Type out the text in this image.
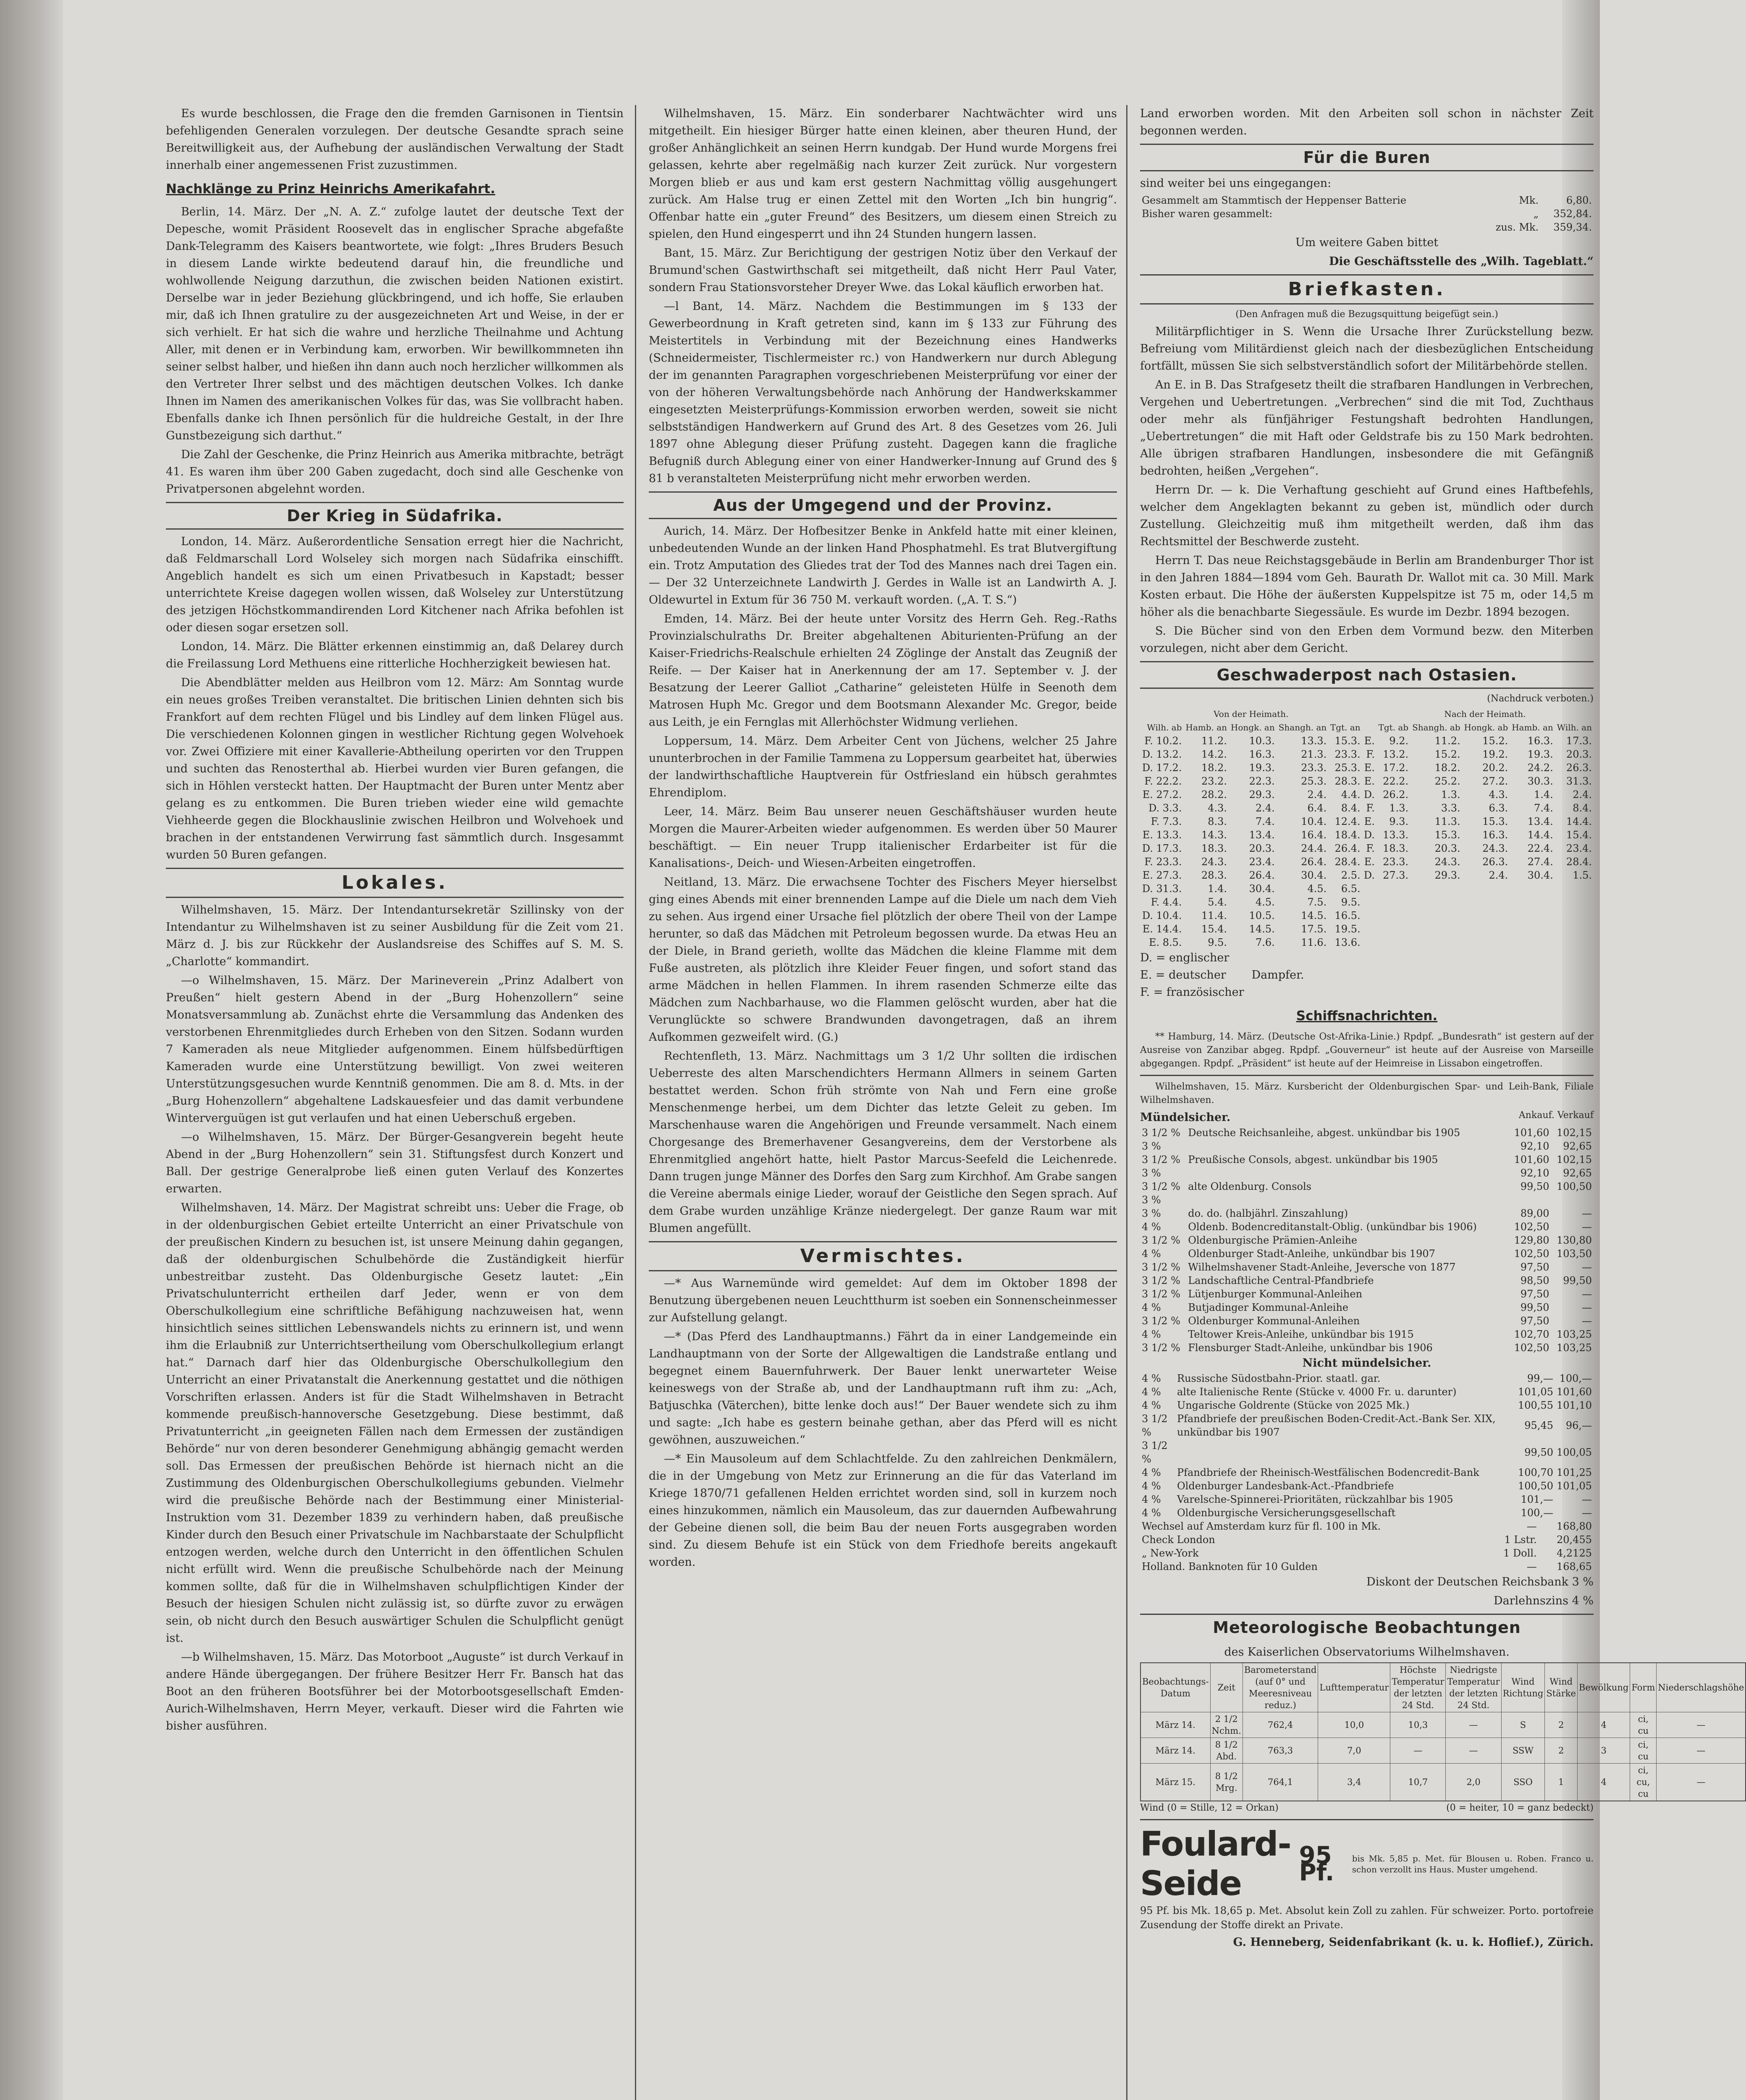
Es wurde beschlossen, die Frage den die fremden Garnisonen in Tientsin befehligenden Generalen vorzulegen. Der deutsche Gesandte sprach seine Bereitwilligkeit aus, der Aufhebung der ausländischen Verwaltung der Stadt innerhalb einer angemessenen Frist zuzustimmen.

Nachklänge zu Prinz Heinrichs Amerikafahrt.

Berlin, 14. März. Der „N. A. Z.“ zufolge lautet der deutsche Text der Depesche, womit Präsident Roosevelt das in englischer Sprache abgefaßte Dank-Telegramm des Kaisers beantwortete, wie folgt: „Ihres Bruders Besuch in diesem Lande wirkte bedeutend darauf hin, die freundliche und wohlwollende Neigung darzuthun, die zwischen beiden Nationen existirt. Derselbe war in jeder Beziehung glückbringend, und ich hoffe, Sie erlauben mir, daß ich Ihnen gratulire zu der ausgezeichneten Art und Weise, in der er sich verhielt. Er hat sich die wahre und herzliche Theilnahme und Achtung Aller, mit denen er in Verbindung kam, erworben. Wir bewillkommneten ihn seiner selbst halber, und hießen ihn dann auch noch herzlicher willkommen als den Vertreter Ihrer selbst und des mächtigen deutschen Volkes. Ich danke Ihnen im Namen des amerikanischen Volkes für das, was Sie vollbracht haben. Ebenfalls danke ich Ihnen persönlich für die huldreiche Gestalt, in der Ihre Gunstbezeigung sich darthut.“

Die Zahl der Geschenke, die Prinz Heinrich aus Amerika mitbrachte, beträgt 41. Es waren ihm über 200 Gaben zugedacht, doch sind alle Geschenke von Privatpersonen abgelehnt worden.

Der Krieg in Südafrika.

London, 14. März. Außerordentliche Sensation erregt hier die Nachricht, daß Feldmarschall Lord Wolseley sich morgen nach Südafrika einschifft. Angeblich handelt es sich um einen Privatbesuch in Kapstadt; besser unterrichtete Kreise dagegen wollen wissen, daß Wolseley zur Unterstützung des jetzigen Höchstkommandirenden Lord Kitchener nach Afrika befohlen ist oder diesen sogar ersetzen soll.

London, 14. März. Die Blätter erkennen einstimmig an, daß Delarey durch die Freilassung Lord Methuens eine ritterliche Hochherzigkeit bewiesen hat.

Die Abendblätter melden aus Heilbron vom 12. März: Am Sonntag wurde ein neues großes Treiben veranstaltet. Die britischen Linien dehnten sich bis Frankfort auf dem rechten Flügel und bis Lindley auf dem linken Flügel aus. Die verschiedenen Kolonnen gingen in westlicher Richtung gegen Wolvehoek vor. Zwei Offiziere mit einer Kavallerie-Abtheilung operirten vor den Truppen und suchten das Renosterthal ab. Hierbei wurden vier Buren gefangen, die sich in Höhlen versteckt hatten. Der Hauptmacht der Buren unter Mentz aber gelang es zu entkommen. Die Buren trieben wieder eine wild gemachte Viehheerde gegen die Blockhauslinie zwischen Heilbron und Wolvehoek und brachen in der entstandenen Verwirrung fast sämmtlich durch. Insgesammt wurden 50 Buren gefangen.

Lokales.

Wilhelmshaven, 15. März. Der Intendantursekretär Szillinsky von der Intendantur zu Wilhelmshaven ist zu seiner Ausbildung für die Zeit vom 21. März d. J. bis zur Rückkehr der Auslandsreise des Schiffes auf S. M. S. „Charlotte“ kommandirt.

—o Wilhelmshaven, 15. März. Der Marineverein „Prinz Adalbert von Preußen“ hielt gestern Abend in der „Burg Hohenzollern“ seine Monatsversammlung ab. Zunächst ehrte die Versammlung das Andenken des verstorbenen Ehrenmitgliedes durch Erheben von den Sitzen. Sodann wurden 7 Kameraden als neue Mitglieder aufgenommen. Einem hülfsbedürftigen Kameraden wurde eine Unterstützung bewilligt. Von zwei weiteren Unterstützungsgesuchen wurde Kenntniß genommen. Die am 8. d. Mts. in der „Burg Hohenzollern“ abgehaltene Ladskauesfeier und das damit verbundene Winterverguügen ist gut verlaufen und hat einen Ueberschuß ergeben.

—o Wilhelmshaven, 15. März. Der Bürger-Gesangverein begeht heute Abend in der „Burg Hohenzollern“ sein 31. Stiftungsfest durch Konzert und Ball. Der gestrige Generalprobe ließ einen guten Verlauf des Konzertes erwarten.

Wilhelmshaven, 14. März. Der Magistrat schreibt uns: Ueber die Frage, ob in der oldenburgischen Gebiet erteilte Unterricht an einer Privatschule von der preußischen Kindern zu besuchen ist, ist unsere Meinung dahin gegangen, daß der oldenburgischen Schulbehörde die Zuständigkeit hierfür unbestreitbar zusteht. Das Oldenburgische Gesetz lautet: „Ein Privatschulunterricht ertheilen darf Jeder, wenn er von dem Oberschulkollegium eine schriftliche Befähigung nachzuweisen hat, wenn hinsichtlich seines sittlichen Lebenswandels nichts zu erinnern ist, und wenn ihm die Erlaubniß zur Unterrichtsertheilung vom Oberschulkollegium erlangt hat.“ Darnach darf hier das Oldenburgische Oberschulkollegium den Unterricht an einer Privatanstalt die Anerkennung gestattet und die nöthigen Vorschriften erlassen. Anders ist für die Stadt Wilhelmshaven in Betracht kommende preußisch-hannoversche Gesetzgebung. Diese bestimmt, daß Privatunterricht „in geeigneten Fällen nach dem Ermessen der zuständigen Behörde“ nur von deren besonderer Genehmigung abhängig gemacht werden soll. Das Ermessen der preußischen Behörde ist hiernach nicht an die Zustimmung des Oldenburgischen Oberschulkollegiums gebunden. Vielmehr wird die preußische Behörde nach der Bestimmung einer Ministerial-Instruktion vom 31. Dezember 1839 zu verhindern haben, daß preußische Kinder durch den Besuch einer Privatschule im Nachbarstaate der Schulpflicht entzogen werden, welche durch den Unterricht in den öffentlichen Schulen nicht erfüllt wird. Wenn die preußische Schulbehörde nach der Meinung kommen sollte, daß für die in Wilhelmshaven schulpflichtigen Kinder der Besuch der hiesigen Schulen nicht zulässig ist, so dürfte zuvor zu erwägen sein, ob nicht durch den Besuch auswärtiger Schulen die Schulpflicht genügt ist.

—b Wilhelmshaven, 15. März. Das Motorboot „Auguste“ ist durch Verkauf in andere Hände übergegangen. Der frühere Besitzer Herr Fr. Bansch hat das Boot an den früheren Bootsführer bei der Motorbootsgesellschaft Emden-Aurich-Wilhelmshaven, Herrn Meyer, verkauft. Dieser wird die Fahrten wie bisher ausführen.

Wilhelmshaven, 15. März. Ein sonderbarer Nachtwächter wird uns mitgetheilt. Ein hiesiger Bürger hatte einen kleinen, aber theuren Hund, der großer Anhänglichkeit an seinen Herrn kundgab. Der Hund wurde Morgens frei gelassen, kehrte aber regelmäßig nach kurzer Zeit zurück. Nur vorgestern Morgen blieb er aus und kam erst gestern Nachmittag völlig ausgehungert zurück. Am Halse trug er einen Zettel mit den Worten „Ich bin hungrig“. Offenbar hatte ein „guter Freund“ des Besitzers, um diesem einen Streich zu spielen, den Hund eingesperrt und ihn 24 Stunden hungern lassen.

Bant, 15. März. Zur Berichtigung der gestrigen Notiz über den Verkauf der Brumund'schen Gastwirthschaft sei mitgetheilt, daß nicht Herr Paul Vater, sondern Frau Stationsvorsteher Dreyer Wwe. das Lokal käuflich erworben hat.

—l Bant, 14. März. Nachdem die Bestimmungen im § 133 der Gewerbeordnung in Kraft getreten sind, kann im § 133 zur Führung des Meistertitels in Verbindung mit der Bezeichnung eines Handwerks (Schneidermeister, Tischlermeister rc.) von Handwerkern nur durch Ablegung der im genannten Paragraphen vorgeschriebenen Meisterprüfung vor einer der von der höheren Verwaltungsbehörde nach Anhörung der Handwerkskammer eingesetzten Meisterprüfungs-Kommission erworben werden, soweit sie nicht selbstständigen Handwerkern auf Grund des Art. 8 des Gesetzes vom 26. Juli 1897 ohne Ablegung dieser Prüfung zusteht. Dagegen kann die fragliche Befugniß durch Ablegung einer von einer Handwerker-Innung auf Grund des § 81 b veranstalteten Meisterprüfung nicht mehr erworben werden.

Aus der Umgegend und der Provinz.

Aurich, 14. März. Der Hofbesitzer Benke in Ankfeld hatte mit einer kleinen, unbedeutenden Wunde an der linken Hand Phosphatmehl. Es trat Blutvergiftung ein. Trotz Amputation des Gliedes trat der Tod des Mannes nach drei Tagen ein. — Der 32 Unterzeichnete Landwirth J. Gerdes in Walle ist an Landwirth A. J. Oldewurtel in Extum für 36 750 M. verkauft worden. („A. T. S.“)

Emden, 14. März. Bei der heute unter Vorsitz des Herrn Geh. Reg.-Raths Provinzialschulraths Dr. Breiter abgehaltenen Abiturienten-Prüfung an der Kaiser-Friedrichs-Realschule erhielten 24 Zöglinge der Anstalt das Zeugniß der Reife. — Der Kaiser hat in Anerkennung der am 17. September v. J. der Besatzung der Leerer Galliot „Catharine“ geleisteten Hülfe in Seenoth dem Matrosen Huph Mc. Gregor und dem Bootsmann Alexander Mc. Gregor, beide aus Leith, je ein Fernglas mit Allerhöchster Widmung verliehen.

Loppersum, 14. März. Dem Arbeiter Cent von Jüchens, welcher 25 Jahre ununterbrochen in der Familie Tammena zu Loppersum gearbeitet hat, überwies der landwirthschaftliche Hauptverein für Ostfriesland ein hübsch gerahmtes Ehrendiplom.

Leer, 14. März. Beim Bau unserer neuen Geschäftshäuser wurden heute Morgen die Maurer-Arbeiten wieder aufgenommen. Es werden über 50 Maurer beschäftigt. — Ein neuer Trupp italienischer Erdarbeiter ist für die Kanalisations-, Deich- und Wiesen-Arbeiten eingetroffen.

Neitland, 13. März. Die erwachsene Tochter des Fischers Meyer hierselbst ging eines Abends mit einer brennenden Lampe auf die Diele um nach dem Vieh zu sehen. Aus irgend einer Ursache fiel plötzlich der obere Theil von der Lampe herunter, so daß das Mädchen mit Petroleum begossen wurde. Da etwas Heu an der Diele, in Brand gerieth, wollte das Mädchen die kleine Flamme mit dem Fuße austreten, als plötzlich ihre Kleider Feuer fingen, und sofort stand das arme Mädchen in hellen Flammen. In ihrem rasenden Schmerze eilte das Mädchen zum Nachbarhause, wo die Flammen gelöscht wurden, aber hat die Verunglückte so schwere Brandwunden davongetragen, daß an ihrem Aufkommen gezweifelt wird. (G.)

Rechtenfleth, 13. März. Nachmittags um 3 1/2 Uhr sollten die irdischen Ueberreste des alten Marschendichters Hermann Allmers in seinem Garten bestattet werden. Schon früh strömte von Nah und Fern eine große Menschenmenge herbei, um dem Dichter das letzte Geleit zu geben. Im Marschenhause waren die Angehörigen und Freunde versammelt. Nach einem Chorgesange des Bremerhavener Gesangvereins, dem der Verstorbene als Ehrenmitglied angehört hatte, hielt Pastor Marcus-Seefeld die Leichenrede. Dann trugen junge Männer des Dorfes den Sarg zum Kirchhof. Am Grabe sangen die Vereine abermals einige Lieder, worauf der Geistliche den Segen sprach. Auf dem Grabe wurden unzählige Kränze niedergelegt. Der ganze Raum war mit Blumen angefüllt.

Vermischtes.

—* Aus Warnemünde wird gemeldet: Auf dem im Oktober 1898 der Benutzung übergebenen neuen Leuchtthurm ist soeben ein Sonnenscheinmesser zur Aufstellung gelangt.

—* (Das Pferd des Landhauptmanns.) Fährt da in einer Landgemeinde ein Landhauptmann von der Sorte der Allgewaltigen die Landstraße entlang und begegnet einem Bauernfuhrwerk. Der Bauer lenkt unerwarteter Weise keineswegs von der Straße ab, und der Landhauptmann ruft ihm zu: „Ach, Batjuschka (Väterchen), bitte lenke doch aus!“ Der Bauer wendete sich zu ihm und sagte: „Ich habe es gestern beinahe gethan, aber das Pferd will es nicht gewöhnen, auszuweichen.“

—* Ein Mausoleum auf dem Schlachtfelde. Zu den zahlreichen Denkmälern, die in der Umgebung von Metz zur Erinnerung an die für das Vaterland im Kriege 1870/71 gefallenen Helden errichtet worden sind, soll in kurzem noch eines hinzukommen, nämlich ein Mausoleum, das zur dauernden Aufbewahrung der Gebeine dienen soll, die beim Bau der neuen Forts ausgegraben worden sind. Zu diesem Behufe ist ein Stück von dem Friedhofe bereits angekauft worden.

Land erworben worden. Mit den Arbeiten soll schon in nächster Zeit begonnen werden.

Für die Buren

sind weiter bei uns eingegangen:

Gesammelt am Stammtisch der Heppenser Batterie	Mk.	6,80.
Bisher waren gesammelt:	„	352,84.
	zus. Mk.	359,34.

Um weitere Gaben bittet

Die Geschäftsstelle des „Wilh. Tageblatt.“

Briefkasten.

(Den Anfragen muß die Bezugsquittung beigefügt sein.)

Militärpflichtiger in S. Wenn die Ursache Ihrer Zurückstellung bezw. Befreiung vom Militärdienst gleich nach der diesbezüglichen Entscheidung fortfällt, müssen Sie sich selbstverständlich sofort der Militärbehörde stellen.

An E. in B. Das Strafgesetz theilt die strafbaren Handlungen in Verbrechen, Vergehen und Uebertretungen. „Verbrechen“ sind die mit Tod, Zuchthaus oder mehr als fünfjähriger Festungshaft bedrohten Handlungen, „Uebertretungen“ die mit Haft oder Geldstrafe bis zu 150 Mark bedrohten. Alle übrigen strafbaren Handlungen, insbesondere die mit Gefängniß bedrohten, heißen „Vergehen“.

Herrn Dr. — k. Die Verhaftung geschieht auf Grund eines Haftbefehls, welcher dem Angeklagten bekannt zu geben ist, mündlich oder durch Zustellung. Gleichzeitig muß ihm mitgetheilt werden, daß ihm das Rechtsmittel der Beschwerde zusteht.

Herrn T. Das neue Reichstagsgebäude in Berlin am Brandenburger Thor ist in den Jahren 1884—1894 vom Geh. Baurath Dr. Wallot mit ca. 30 Mill. Mark Kosten erbaut. Die Höhe der äußersten Kuppelspitze ist 75 m, oder 14,5 m höher als die benachbarte Siegessäule. Es wurde im Dezbr. 1894 bezogen.

S. Die Bücher sind von den Erben dem Vormund bezw. den Miterben vorzulegen, nicht aber dem Gericht.

Geschwaderpost nach Ostasien.

(Nachdruck verboten.)

Von der Heimath.						Nach der Heimath.				
Wilh. ab	Hamb. an	Hongk. an	Shangh. an	Tgt. an		Tgt. ab	Shangh. ab	Hongk. ab	Hamb. an	Wilh. an
F. 10.2.	11.2.	10.3.	13.3.	15.3.	E.	9.2.	11.2.	15.2.	16.3.	17.3.
D. 13.2.	14.2.	16.3.	21.3.	23.3.	F.	13.2.	15.2.	19.2.	19.3.	20.3.
D. 17.2.	18.2.	19.3.	23.3.	25.3.	E.	17.2.	18.2.	20.2.	24.2.	26.3.
F. 22.2.	23.2.	22.3.	25.3.	28.3.	E.	22.2.	25.2.	27.2.	30.3.	31.3.
E. 27.2.	28.2.	29.3.	2.4.	4.4.	D.	26.2.	1.3.	4.3.	1.4.	2.4.
D. 3.3.	4.3.	2.4.	6.4.	8.4.	F.	1.3.	3.3.	6.3.	7.4.	8.4.
F. 7.3.	8.3.	7.4.	10.4.	12.4.	E.	9.3.	11.3.	15.3.	13.4.	14.4.
E. 13.3.	14.3.	13.4.	16.4.	18.4.	D.	13.3.	15.3.	16.3.	14.4.	15.4.
D. 17.3.	18.3.	20.3.	24.4.	26.4.	F.	18.3.	20.3.	24.3.	22.4.	23.4.
F. 23.3.	24.3.	23.4.	26.4.	28.4.	E.	23.3.	24.3.	26.3.	27.4.	28.4.
E. 27.3.	28.3.	26.4.	30.4.	2.5.	D.	27.3.	29.3.	2.4.	30.4.	1.5.
D. 31.3.	1.4.	30.4.	4.5.	6.5.						
F. 4.4.	5.4.	4.5.	7.5.	9.5.						
D. 10.4.	11.4.	10.5.	14.5.	16.5.						
E. 14.4.	15.4.	14.5.	17.5.	19.5.						
E. 8.5.	9.5.	7.6.	11.6.	13.6.						
D. = englischer
E. = deutscher
F. = französischer
Dampfer.
Schiffsnachrichten.

** Hamburg, 14. März. (Deutsche Ost-Afrika-Linie.) Rpdpf. „Bundesrath“ ist gestern auf der Ausreise von Zanzibar abgeg. Rpdpf. „Gouverneur“ ist heute auf der Ausreise von Marseille abgegangen. Rpdpf. „Präsident“ ist heute auf der Heimreise in Lissabon eingetroffen.

Wilhelmshaven, 15. März. Kursbericht der Oldenburgischen Spar- und Leih-Bank, Filiale Wilhelmshaven.

Mündelsicher.	Ankauf. Verkauf
3 1/2 %	Deutsche Reichsanleihe, abgest. unkündbar bis 1905	101,60	102,15
3 %		92,10	92,65
3 1/2 %	Preußische Consols, abgest. unkündbar bis 1905	101,60	102,15
3 %		92,10	92,65
3 1/2 %	alte Oldenburg. Consols	99,50	100,50
3 %			
3 %	do. do. (halbjährl. Zinszahlung)	89,00	—
4 %	Oldenb. Bodencreditanstalt-Oblig. (unkündbar bis 1906)	102,50	—
3 1/2 %	Oldenburgische Prämien-Anleihe	129,80	130,80
4 %	Oldenburger Stadt-Anleihe, unkündbar bis 1907	102,50	103,50
3 1/2 %	Wilhelmshavener Stadt-Anleihe, Jeversche von 1877	97,50	—
3 1/2 %	Landschaftliche Central-Pfandbriefe	98,50	99,50
3 1/2 %	Lütjenburger Kommunal-Anleihen	97,50	—
4 %	Butjadinger Kommunal-Anleihe	99,50	—
3 1/2 %	Oldenburger Kommunal-Anleihen	97,50	—
4 %	Teltower Kreis-Anleihe, unkündbar bis 1915	102,70	103,25
3 1/2 %	Flensburger Stadt-Anleihe, unkündbar bis 1906	102,50	103,25
Nicht mündelsicher.
4 %	Russische Südostbahn-Prior. staatl. gar.	99,—	100,—
4 %	alte Italienische Rente (Stücke v. 4000 Fr. u. darunter)	101,05	101,60
4 %	Ungarische Goldrente (Stücke von 2025 Mk.)	100,55	101,10
3 1/2 %	Pfandbriefe der preußischen Boden-Credit-Act.-Bank Ser. XIX, unkündbar bis 1907	95,45	96,—
3 1/2 %		99,50	100,05
4 %	Pfandbriefe der Rheinisch-Westfälischen Bodencredit-Bank	100,70	101,25
4 %	Oldenburger Landesbank-Act.-Pfandbriefe	100,50	101,05
4 %	Varelsche-Spinnerei-Prioritäten, rückzahlbar bis 1905	101,—	—
4 %	Oldenburgische Versicherungsgesellschaft	100,—	—
Wechsel auf Amsterdam kurz für fl. 100 in Mk.	—	168,80
Check London	1 Lstr.	20,455
„ New-York	1 Doll.	4,2125
Holland. Banknoten für 10 Gulden	—	168,65

Diskont der Deutschen Reichsbank 3 %

Darlehnszins 4 %

Meteorologische Beobachtungen

des Kaiserlichen Observatoriums Wilhelmshaven.

Beobachtungs-Datum	Zeit	Barometerstand (auf 0° und Meeresniveau reduz.)	Lufttemperatur	Höchste Temperatur der letzten 24 Std.	Niedrigste Temperatur der letzten 24 Std.	Wind Richtung	Wind Stärke	Bewölkung	Form	Niederschlagshöhe
März 14.	2 1/2 Nchm.	762,4	10,0	10,3	—	S	2	4	ci, cu	—
März 14.	8 1/2 Abd.	763,3	7,0	—	—	SSW	2	3	ci, cu	—
März 15.	8 1/2 Mrg.	764,1	3,4	10,7	2,0	SSO	1	4	ci, cu, cu	—
Wind (0 = Stille, 12 = Orkan)	(0 = heiter, 10 = ganz bedeckt)
Foulard-Seide
95 Pf.
bis Mk. 5,85 p. Met. für Blousen u. Roben. Franco u. schon verzollt ins Haus. Muster umgehend.

95 Pf. bis Mk. 18,65 p. Met. Absolut kein Zoll zu zahlen. Für schweizer. Porto. portofreie Zusendung der Stoffe direkt an Private.

G. Henneberg, Seidenfabrikant (k. u. k. Hoflief.), Zürich.
